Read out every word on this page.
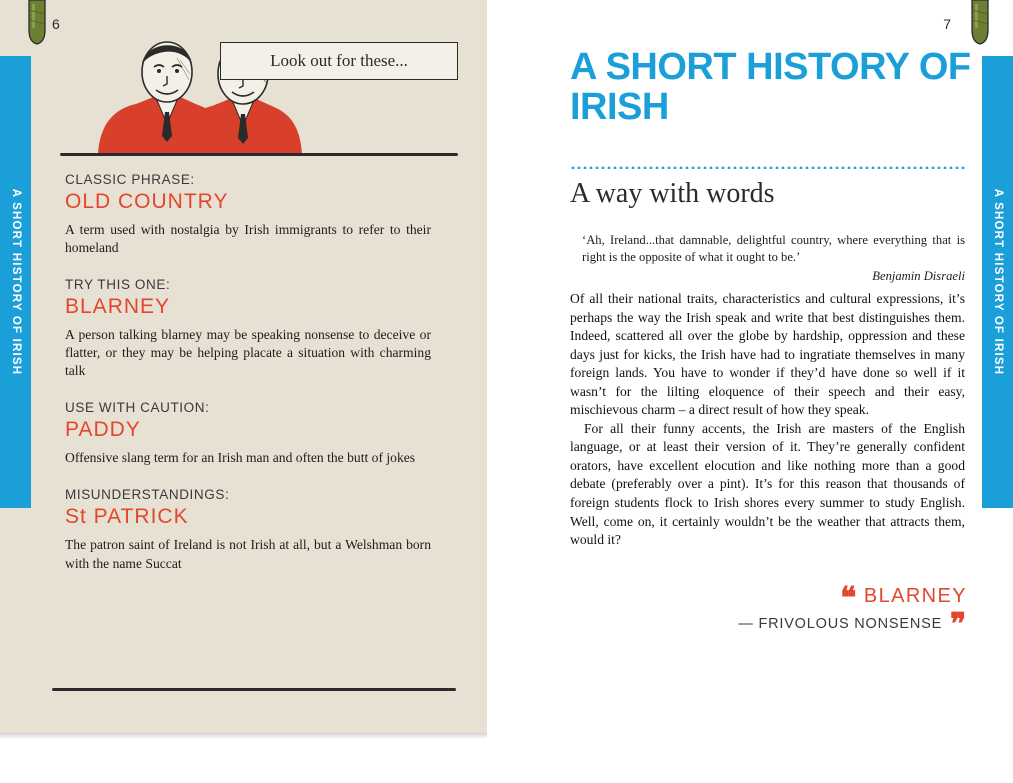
A SHORT HISTORY OF IRISH
6
Look out for these...
CLASSIC PHRASE:
OLD COUNTRY
A term used with nostalgia by Irish immigrants to refer to their homeland
TRY THIS ONE:
BLARNEY
A person talking blarney may be speaking nonsense to deceive or flatter, or they may be helping placate a situation with charming talk
USE WITH CAUTION:
PADDY
Offensive slang term for an Irish man and often the butt of jokes
MISUNDERSTANDINGS:
St PATRICK
The patron saint of Ireland is not Irish at all, but a Welshman born with the name Succat
A SHORT HISTORY OF IRISH
7
A SHORT HISTORY OF IRISH
A way with words
‘Ah, Ireland...that damnable, delightful country, where everything that is right is the opposite of what it ought to be.’
Benjamin Disraeli

Of all their national traits, characteristics and cultural expressions, it’s perhaps the way the Irish speak and write that best distinguishes them. Indeed, scattered all over the globe by hardship, oppression and these days just for kicks, the Irish have had to ingratiate themselves in many foreign lands. You have to wonder if they’d have done so well if it wasn’t for the lilting eloquence of their speech and their easy, mischievous charm – a direct result of how they speak.

For all their funny accents, the Irish are masters of the English language, or at least their version of it. They’re generally confident orators, have excellent elocution and like nothing more than a good debate (preferably over a pint). It’s for this reason that thousands of foreign students flock to Irish shores every summer to study English. Well, come on, it certainly wouldn’t be the weather that attracts them, would it?

❝ BLARNEY
— FRIVOLOUS NONSENSE ❞
